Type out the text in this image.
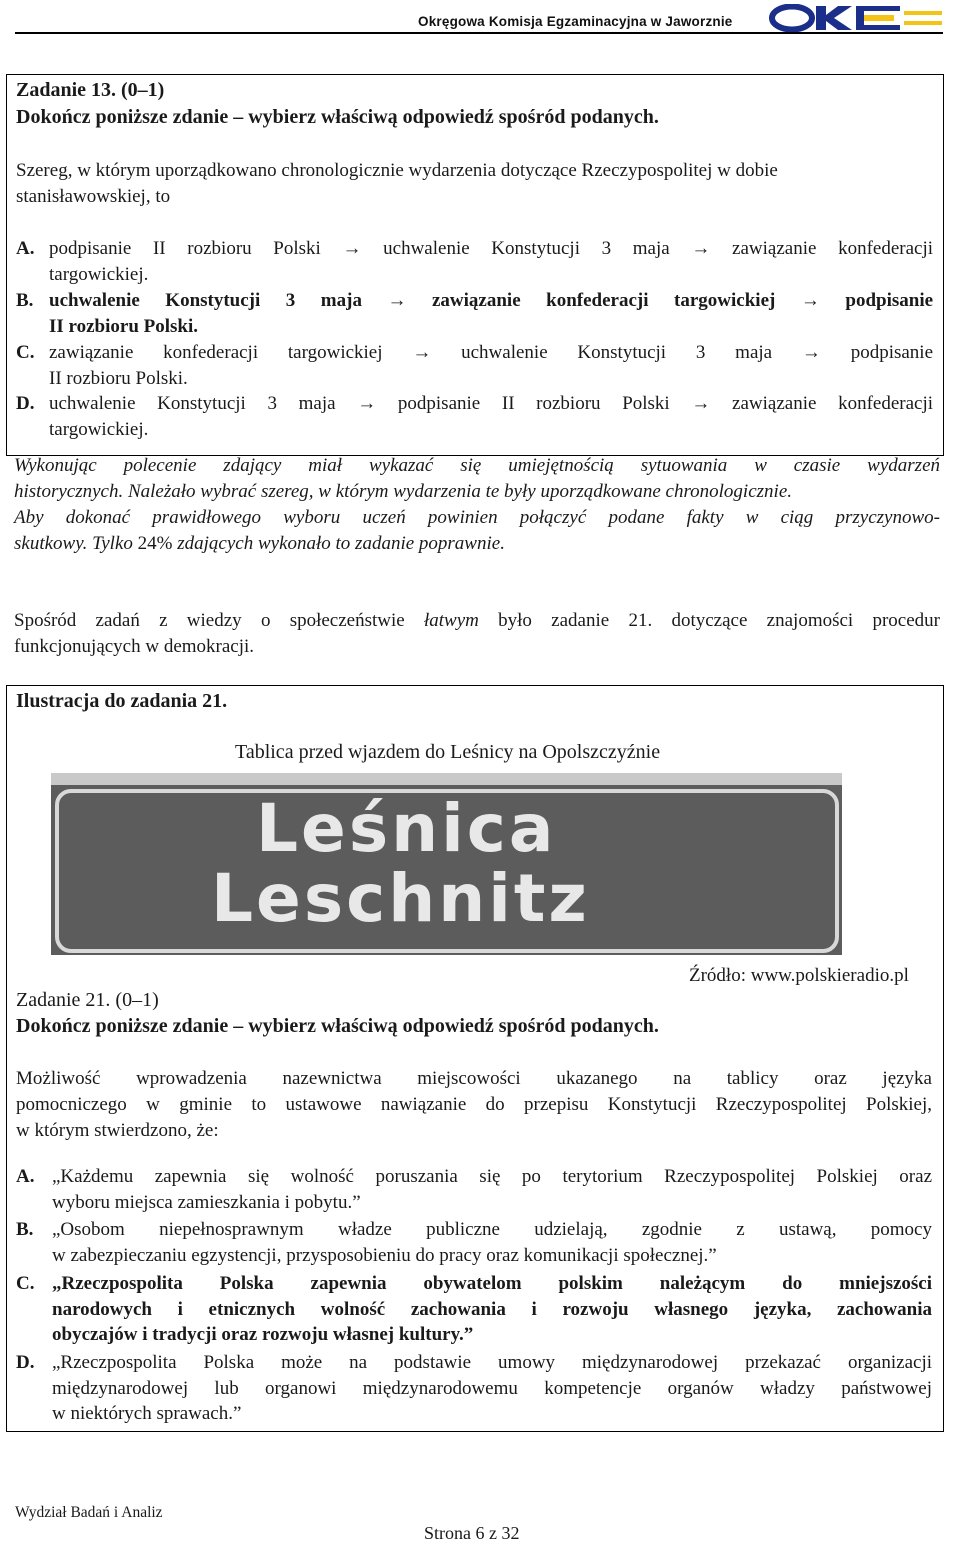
Okręgowa Komisja Egzaminacyjna w Jaworznie
Zadanie 13. (0–1)
Dokończ poniższe zdanie – wybierz właściwą odpowiedź spośród podanych.
Szereg, w którym uporządkowano chronologicznie wydarzenia dotyczące Rzeczypospolitej w dobie
stanisławowskiej, to
A. podpisanie II rozbioru Polski → uchwalenie Konstytucji 3 maja → zawiązanie konfederacji
targowickiej.
B. uchwalenie Konstytucji 3 maja → zawiązanie konfederacji targowickiej → podpisanie
II rozbioru Polski.
C. zawiązanie konfederacji targowickiej → uchwalenie Konstytucji 3 maja → podpisanie
II rozbioru Polski.
D. uchwalenie Konstytucji 3 maja → podpisanie II rozbioru Polski → zawiązanie konfederacji
targowickiej.
Wykonując polecenie zdający miał wykazać się umiejętnością sytuowania w czasie wydarzeń
historycznych. Należało wybrać szereg, w którym wydarzenia te były uporządkowane chronologicznie.
Aby dokonać prawidłowego wyboru uczeń powinien połączyć podane fakty w ciąg przyczynowo-
skutkowy. Tylko 24% zdających wykonało to zadanie poprawnie.
Spośród zadań z wiedzy o społeczeństwie łatwym było zadanie 21. dotyczące znajomości procedur
funkcjonujących w demokracji.
Ilustracja do zadania 21.
Tablica przed wjazdem do Leśnicy na Opolszczyźnie
Leśnica
Leschnitz
Źródło: www.polskieradio.pl
Zadanie 21. (0–1)
Dokończ poniższe zdanie – wybierz właściwą odpowiedź spośród podanych.
Możliwość wprowadzenia nazewnictwa miejscowości ukazanego na tablicy oraz języka
pomocniczego w gminie to ustawowe nawiązanie do przepisu Konstytucji Rzeczypospolitej Polskiej,
w którym stwierdzono, że:
A. „Każdemu zapewnia się wolność poruszania się po terytorium Rzeczypospolitej Polskiej oraz
wyboru miejsca zamieszkania i pobytu.”
B. „Osobom niepełnosprawnym władze publiczne udzielają, zgodnie z ustawą, pomocy
w zabezpieczaniu egzystencji, przysposobieniu do pracy oraz komunikacji społecznej.”
C. „Rzeczpospolita Polska zapewnia obywatelom polskim należącym do mniejszości
narodowych i etnicznych wolność zachowania i rozwoju własnego języka, zachowania
obyczajów i tradycji oraz rozwoju własnej kultury.”
D. „Rzeczpospolita Polska może na podstawie umowy międzynarodowej przekazać organizacji
międzynarodowej lub organowi międzynarodowemu kompetencje organów władzy państwowej
w niektórych sprawach.”
Wydział Badań i Analiz
Strona 6 z 32
